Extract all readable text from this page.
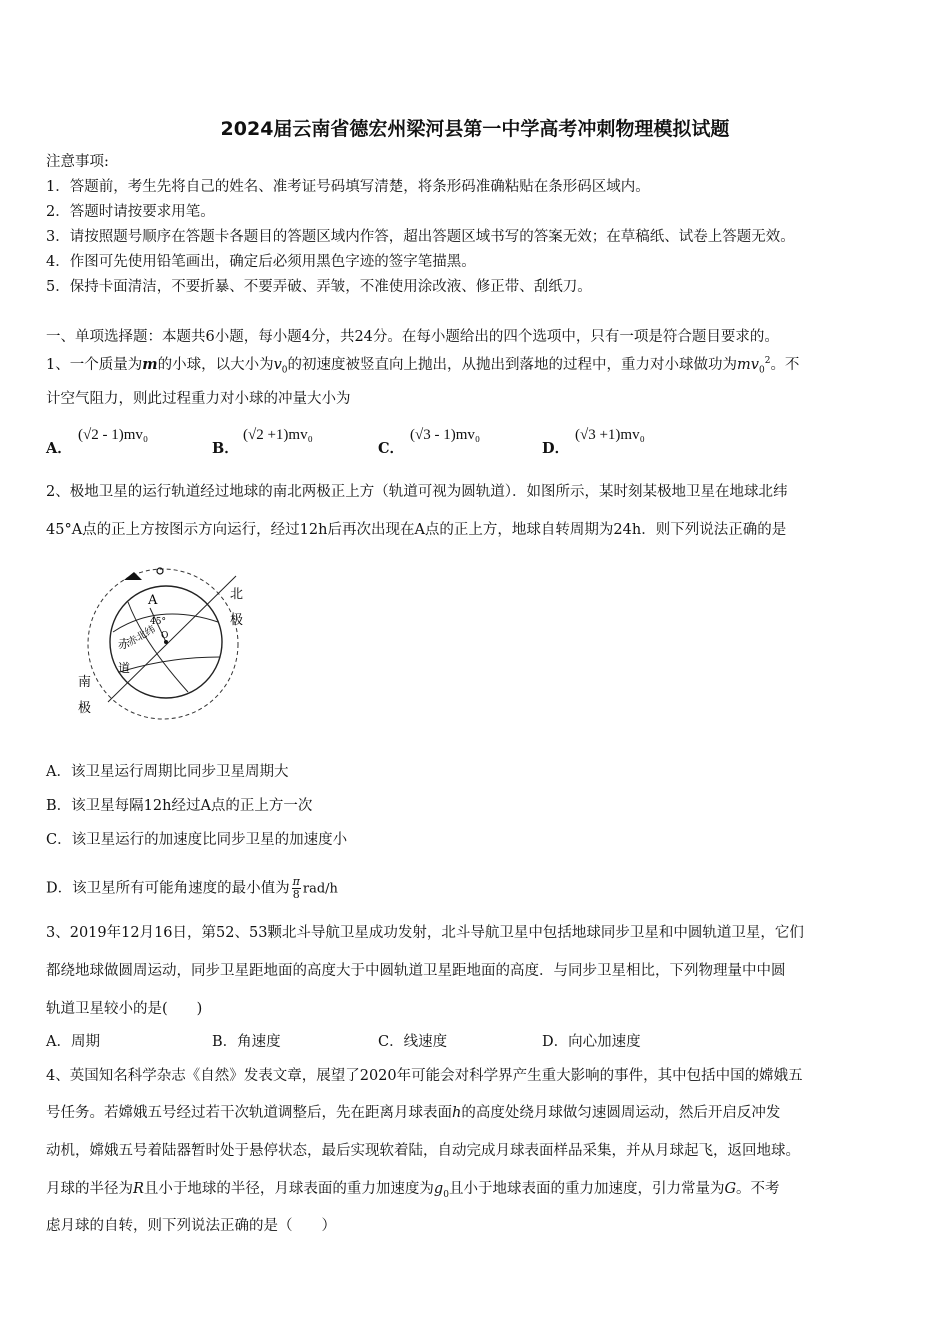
2024届云南省德宏州梁河县第一中学高考冲刺物理模拟试题
注意事项:
1．答题前，考生先将自己的姓名、准考证号码填写清楚，将条形码准确粘贴在条形码区域内。
2．答题时请按要求用笔。
3．请按照题号顺序在答题卡各题目的答题区域内作答，超出答题区域书写的答案无效；在草稿纸、试卷上答题无效。
4．作图可先使用铅笔画出，确定后必须用黑色字迹的签字笔描黑。
5．保持卡面清洁，不要折暴、不要弄破、弄皱，不准使用涂改液、修正带、刮纸刀。
一、单项选择题：本题共6小题，每小题4分，共24分。在每小题给出的四个选项中，只有一项是符合题目要求的。
1、一个质量为m的小球，以大小为$v_0$的初速度被竖直向上抛出，从抛出到落地的过程中，重力对小球做功为$mv_0^2$。不
计空气阻力，则此过程重力对小球的冲量大小为
A．
(√2 - 1)mv₀
B．
(√2 +1)mv₀
C．
(√3 - 1)mv₀
D．
(√3 +1)mv₀
2、极地卫星的运行轨道经过地球的南北两极正上方（轨道可视为圆轨道）．如图所示，某时刻某极地卫星在地球北纬
45°A点的正上方按图示方向运行，经过12h后再次出现在A点的正上方，地球自转周期为24h．则下列说法正确的是
A
45°
O
北
极
南
极
赤
道
赤北纬
A．该卫星运行周期比同步卫星周期大
B．该卫星每隔12h经过A点的正上方一次
C．该卫星运行的加速度比同步卫星的加速度小
D．该卫星所有可能角速度的最小值为 $\frac{\pi}{8} rad/h$
3、2019年12月16日，第52、53颗北斗导航卫星成功发射，北斗导航卫星中包括地球同步卫星和中圆轨道卫星，它们
都绕地球做圆周运动，同步卫星距地面的高度大于中圆轨道卫星距地面的高度．与同步卫星相比，下列物理量中中圆
轨道卫星较小的是(　　)
A．周期	B．角速度	C．线速度	D．向心加速度
4、英国知名科学杂志《自然》发表文章，展望了2020年可能会对科学界产生重大影响的事件，其中包括中国的嫦娥五
号任务。若嫦娥五号经过若干次轨道调整后，先在距离月球表面h的高度处绕月球做匀速圆周运动，然后开启反冲发
动机，嫦娥五号着陆器暂时处于悬停状态，最后实现软着陆，自动完成月球表面样品采集，并从月球起飞，返回地球。
月球的半径为R且小于地球的半径，月球表面的重力加速度为$g_0$且小于地球表面的重力加速度，引力常量为G。不考
虑月球的自转，则下列说法正确的是（　　）
